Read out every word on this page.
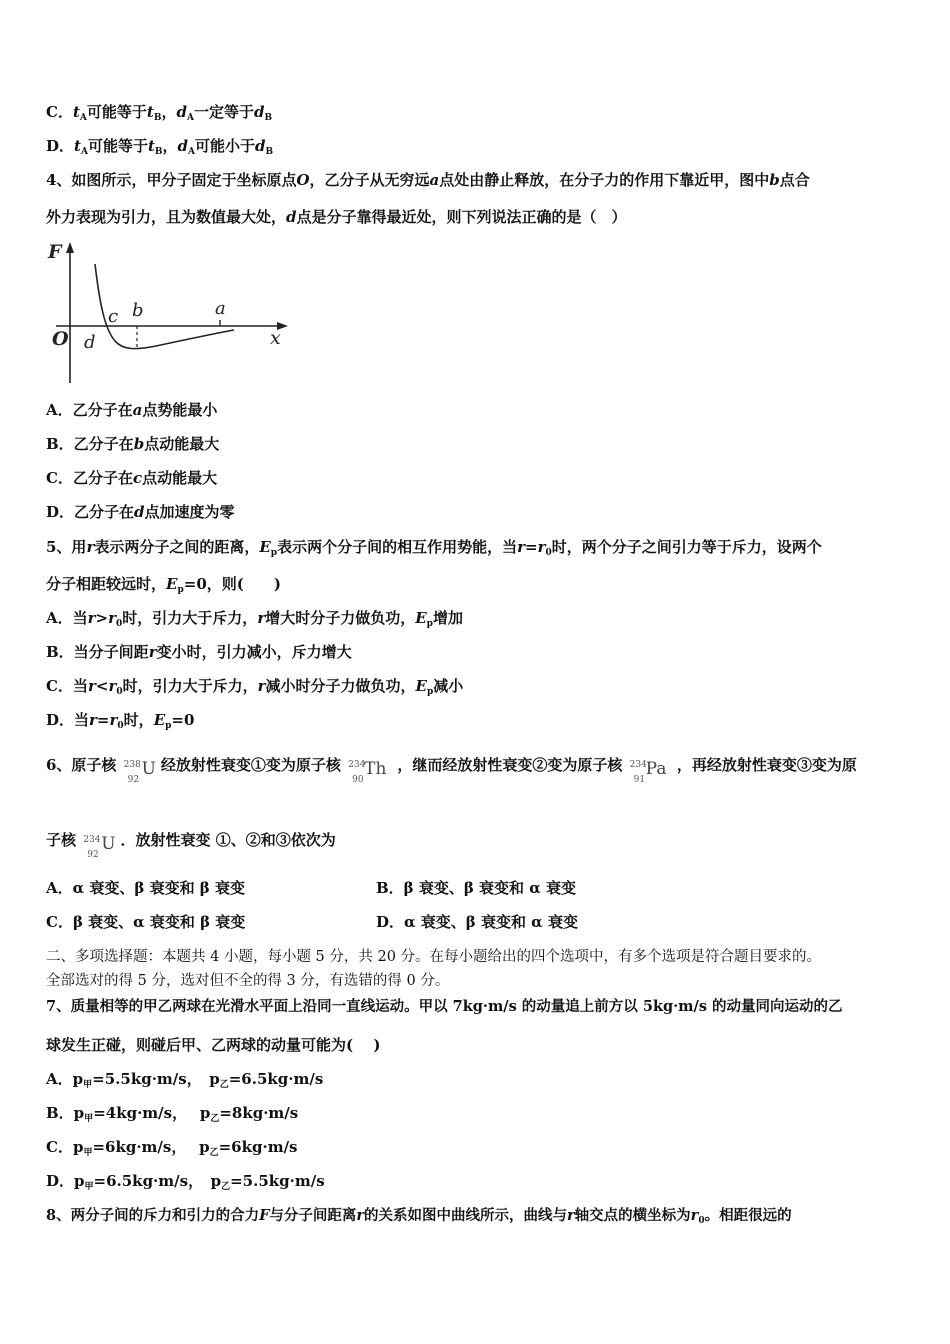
C．$t_A$可能等于$t_B$，$d_A$一定等于$d_B$
D．$t_A$可能等于$t_B$，$d_A$可能小于$d_B$
4、如图所示，甲分子固定于坐标原点O，乙分子从无穷远a点处由静止释放，在分子力的作用下靠近甲，图中b点合
外力表现为引力，且为数值最大处，d点是分子靠得最近处，则下列说法正确的是（　）
F
O	x
a
b
c
d
A．乙分子在a点势能最小
B．乙分子在b点动能最大
C．乙分子在c点动能最大
D．乙分子在d点加速度为零
5、用r表示两分子之间的距离，$E_p$表示两个分子间的相互作用势能，当$r=r_0$时，两个分子之间引力等于斥力，设两个
分子相距较远时，$E_p=0$，则(　　)
A．当$r>r_0$时，引力大于斥力，r增大时分子力做负功，$E_p$增加
B．当分子间距r变小时，引力减小，斥力增大
C．当$r<r_0$时，引力大于斥力，r减小时分子力做负功，$E_p$减小
D．当$r=r_0$时，$E_p=0$
6、原子核 238
92
U 经放射性衰变①变为原子核 234
90
Th ，继而经放射性衰变②变为原子核 234
91
Pa ，再经放射性衰变③变为原
子核 234
92
U ．放射性衰变 ①、②和③依次为
A．α 衰变、β 衰变和 β 衰变	B．β 衰变、β 衰变和 α 衰变
C．β 衰变、α 衰变和 β 衰变	D．α 衰变、β 衰变和 α 衰变
二、多项选择题：本题共 4 小题，每小题 5 分，共 20 分。在每小题给出的四个选项中，有多个选项是符合题目要求的。
全部选对的得 5 分，选对但不全的得 3 分，有选错的得 0 分。
7、质量相等的甲乙两球在光滑水平面上沿同一直线运动。甲以 7kg·m/s 的动量追上前方以 5kg·m/s 的动量同向运动的乙
球发生正碰，则碰后甲、乙两球的动量可能为(　 )
A．$p_甲=5.5kg\cdot m/s$，　$p_乙=6.5kg\cdot m/s$
B．$p_甲=4kg\cdot m/s$，　 $p_乙=8kg\cdot m/s$
C．$p_甲=6kg\cdot m/s$，　 $p_乙=6kg\cdot m/s$
D．$p_甲=6.5kg\cdot m/s$，　$p_乙=5.5kg\cdot m/s$
8、两分子间的斥力和引力的合力F与分子间距离r的关系如图中曲线所示，曲线与r轴交点的横坐标为$r_0$。相距很远的
